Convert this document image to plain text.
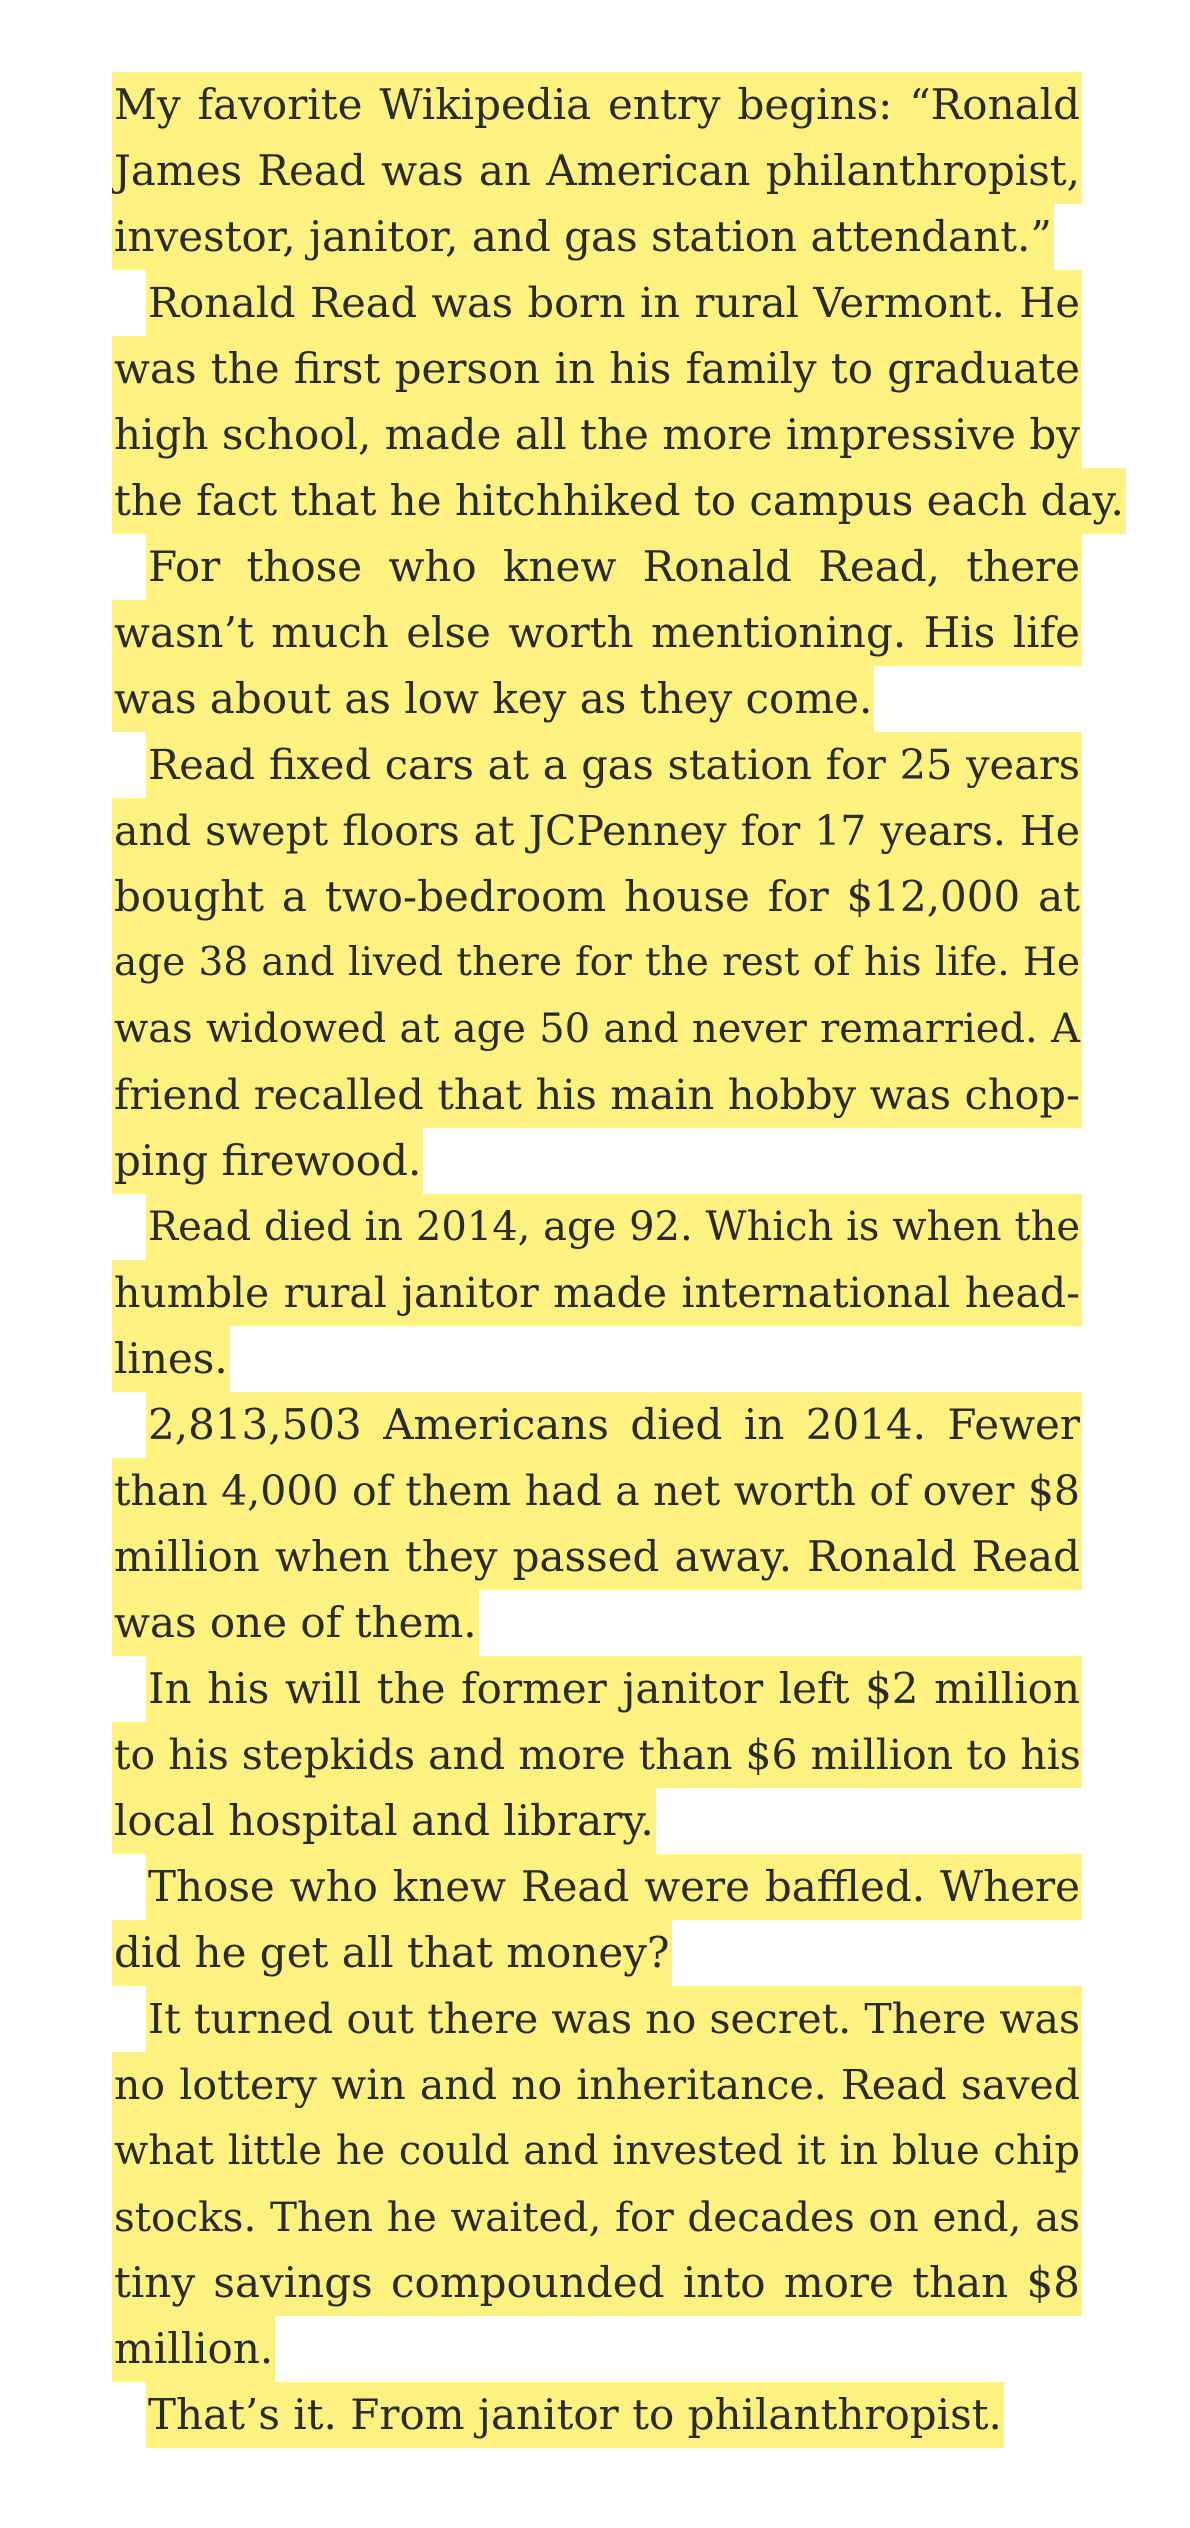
My favorite Wikipedia entry begins: “Ronald
James Read was an American philanthropist,
investor, janitor, and gas station attendant.”
Ronald Read was born in rural Vermont. He
was the first person in his family to graduate
high school, made all the more impressive by
the fact that he hitchhiked to campus each day.
For those who knew Ronald Read, there
wasn’t much else worth mentioning. His life
was about as low key as they come.
Read fixed cars at a gas station for 25 years
and swept floors at JCPenney for 17 years. He
bought a two-bedroom house for $12,000 at
age 38 and lived there for the rest of his life. He
was widowed at age 50 and never remarried. A
friend recalled that his main hobby was chop-
ping firewood.
Read died in 2014, age 92. Which is when the
humble rural janitor made international head-
lines.
2,813,503 Americans died in 2014. Fewer
than 4,000 of them had a net worth of over $8
million when they passed away. Ronald Read
was one of them.
In his will the former janitor left $2 million
to his stepkids and more than $6 million to his
local hospital and library.
Those who knew Read were baffled. Where
did he get all that money?
It turned out there was no secret. There was
no lottery win and no inheritance. Read saved
what little he could and invested it in blue chip
stocks. Then he waited, for decades on end, as
tiny savings compounded into more than $8
million.
That’s it. From janitor to philanthropist.
